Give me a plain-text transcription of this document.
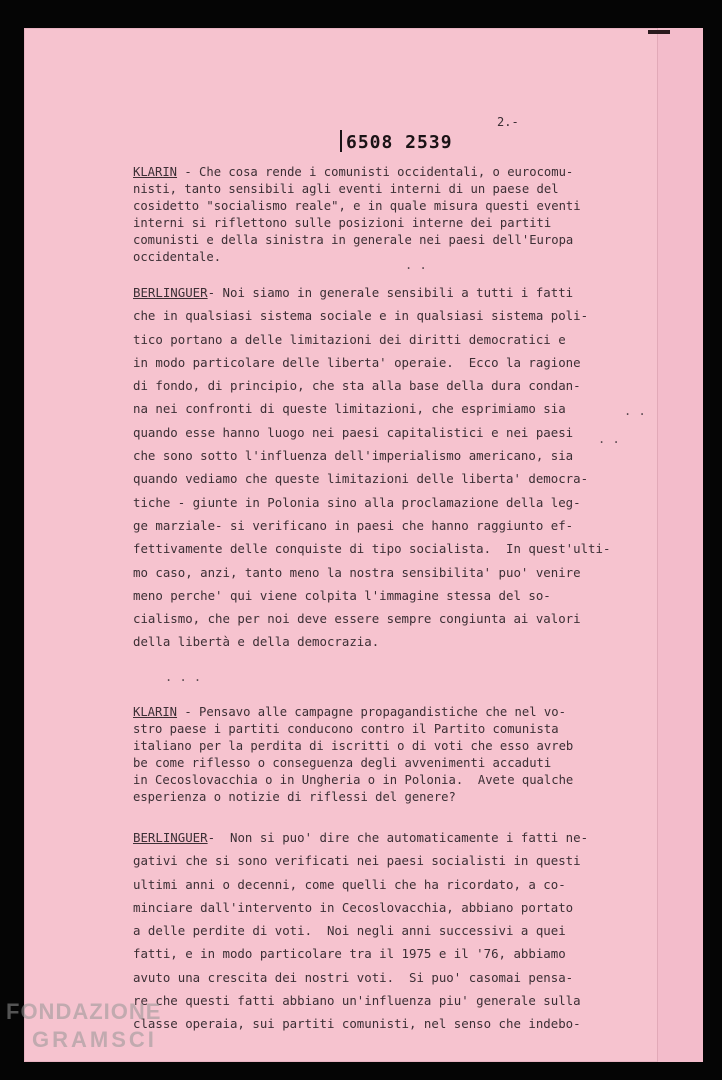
2.-
6508 2539
KLARIN - Che cosa rende i comunisti occidentali, o eurocomu-
nisti, tanto sensibili agli eventi interni di un paese del
cosidetto "socialismo reale", e in quale misura questi eventi
interni si riflettono sulle posizioni interne dei partiti
comunisti e della sinistra in generale nei paesi dell'Europa
occidentale.
. .
BERLINGUER- Noi siamo in generale sensibili a tutti i fatti
che in qualsiasi sistema sociale e in qualsiasi sistema poli-
tico portano a delle limitazioni dei diritti democratici e
in modo particolare delle liberta' operaie.  Ecco la ragione
di fondo, di principio, che sta alla base della dura condan-
na nei confronti di queste limitazioni, che esprimiamo sia
quando esse hanno luogo nei paesi capitalistici e nei paesi
che sono sotto l'influenza dell'imperialismo americano, sia
quando vediamo che queste limitazioni delle liberta' democra-
tiche - giunte in Polonia sino alla proclamazione della leg-
ge marziale- si verificano in paesi che hanno raggiunto ef-
fettivamente delle conquiste di tipo socialista.  In quest'ulti-
mo caso, anzi, tanto meno la nostra sensibilita' puo' venire
meno perche' qui viene colpita l'immagine stessa del so-
cialismo, che per noi deve essere sempre congiunta ai valori
della libertà e della democrazia.
. .
. .
. . .
KLARIN - Pensavo alle campagne propagandistiche che nel vo-
stro paese i partiti conducono contro il Partito comunista
italiano per la perdita di iscritti o di voti che esso avreb
be come riflesso o conseguenza degli avvenimenti accaduti
in Cecoslovacchia o in Ungheria o in Polonia.  Avete qualche
esperienza o notizie di riflessi del genere?
BERLINGUER-  Non si puo' dire che automaticamente i fatti ne-
gativi che si sono verificati nei paesi socialisti in questi
ultimi anni o decenni, come quelli che ha ricordato, a co-
minciare dall'intervento in Cecoslovacchia, abbiano portato
a delle perdite di voti.  Noi negli anni successivi a quei
fatti, e in modo particolare tra il 1975 e il '76, abbiamo
avuto una crescita dei nostri voti.  Si puo' casomai pensa-
re che questi fatti abbiano un'influenza piu' generale sulla
classe operaia, sui partiti comunisti, nel senso che indebo-
FONDAZIONE
GRAMSCI
